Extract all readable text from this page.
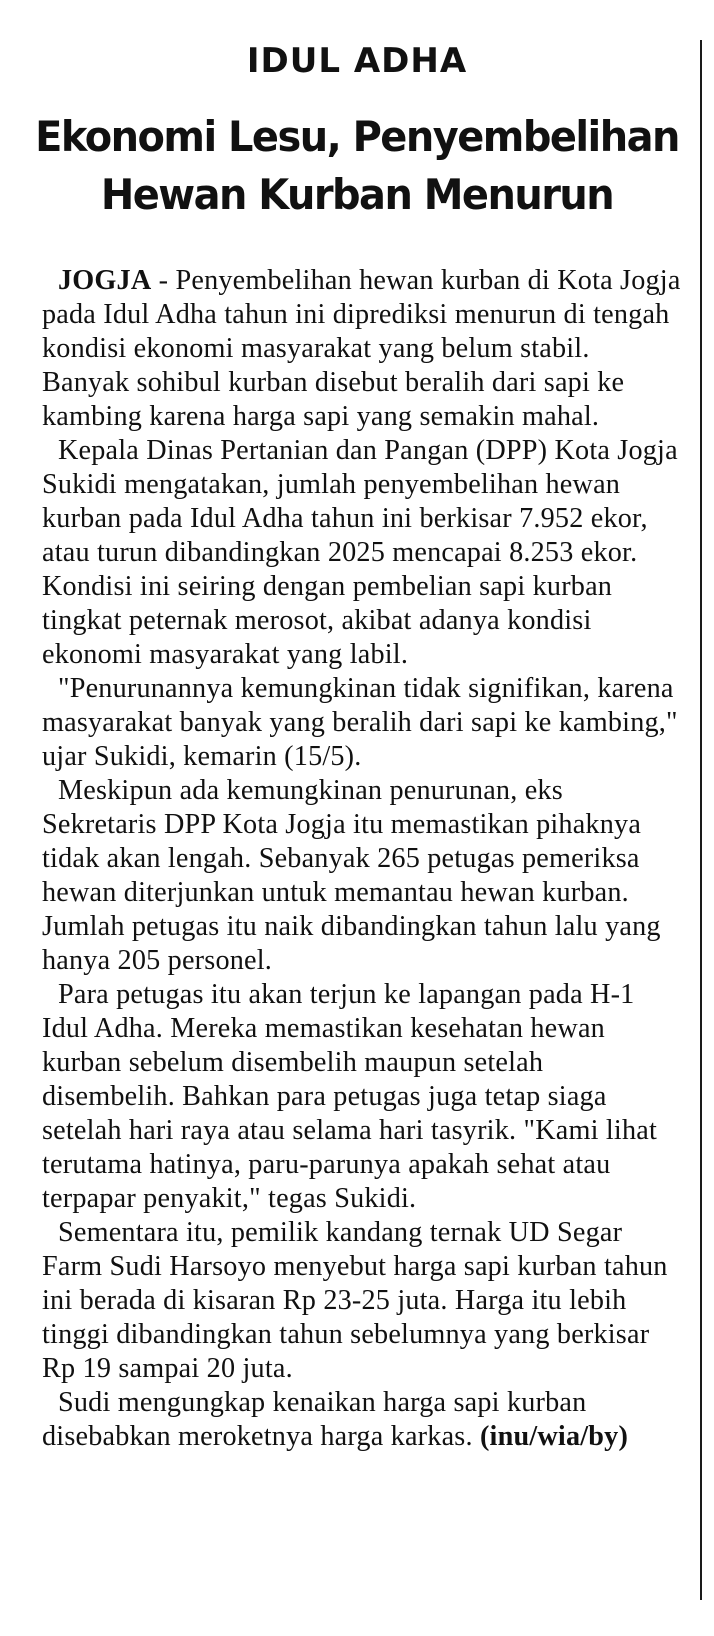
IDUL ADHA
Ekonomi Lesu, Penyembelihan
Hewan Kurban Menurun

JOGJA - Penyembelihan hewan kurban di Kota Jogja pada Idul Adha tahun ini diprediksi menurun di tengah kondisi ekonomi masyarakat yang belum stabil. Banyak sohibul kurban disebut beralih dari sapi ke kambing karena harga sapi yang semakin mahal.

Kepala Dinas Pertanian dan Pangan (DPP) Kota Jogja Sukidi mengatakan, jumlah penyembelihan hewan kurban pada Idul Adha tahun ini berkisar 7.952 ekor, atau turun dibandingkan 2025 mencapai 8.253 ekor. Kondisi ini seiring dengan pembelian sapi kurban tingkat peternak merosot, akibat adanya kondisi ekonomi masyarakat yang labil.

"Penurunannya kemungkinan tidak signifikan, karena masyarakat banyak yang beralih dari sapi ke kambing," ujar Sukidi, kemarin (15/5).

Meskipun ada kemungkinan penurunan, eks Sekretaris DPP Kota Jogja itu memastikan pihaknya tidak akan lengah. Sebanyak 265 petugas pemeriksa hewan diterjunkan untuk memantau hewan kurban. Jumlah petugas itu naik dibandingkan tahun lalu yang hanya 205 personel.

Para petugas itu akan terjun ke lapangan pada H-1 Idul Adha. Mereka memastikan kesehatan hewan kurban sebelum disembelih maupun setelah disembelih. Bahkan para petugas juga tetap siaga setelah hari raya atau selama hari tasyrik. "Kami lihat terutama hatinya, paru-parunya apakah sehat atau terpapar penyakit," tegas Sukidi.

Sementara itu, pemilik kandang ternak UD Segar Farm Sudi Harsoyo menyebut harga sapi kurban tahun ini berada di kisaran Rp 23-25 juta. Harga itu lebih tinggi dibandingkan tahun sebelumnya yang berkisar Rp 19 sampai 20 juta.

Sudi mengungkap kenaikan harga sapi kurban disebabkan meroketnya harga karkas. (inu/wia/by)
